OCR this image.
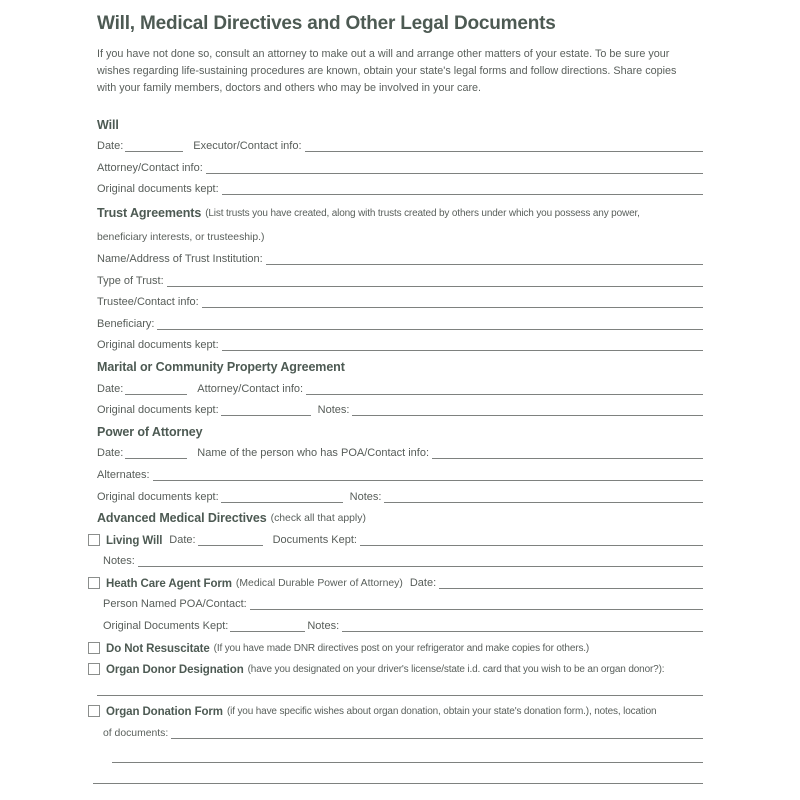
Will, Medical Directives and Other Legal Documents

If you have not done so, consult an attorney to make out a will and arrange other matters of your estate. To be sure your wishes regarding life-sustaining procedures are known, obtain your state's legal forms and follow directions. Share copies with your family members, doctors and others who may be involved in your care.

Will
Date:	Executor/Contact info:
Attorney/Contact info:
Original documents kept:
Trust Agreements (List trusts you have created, along with trusts created by others under which you possess any power,
beneficiary interests, or trusteeship.)
Name/Address of Trust Institution:
Type of Trust:
Trustee/Contact info:
Beneficiary:
Original documents kept:
Marital or Community Property Agreement
Date:	Attorney/Contact info:
Original documents kept:	Notes:
Power of Attorney
Date:	Name of the person who has POA/Contact info:
Alternates:
Original documents kept:	Notes:
Advanced Medical Directives (check all that apply)
Living Will Date:	Documents Kept:
Notes:
Heath Care Agent Form (Medical Durable Power of Attorney) Date:
Person Named POA/Contact:
Original Documents Kept:	Notes:
Do Not Resuscitate (If you have made DNR directives post on your refrigerator and make copies for others.)
Organ Donor Designation (have you designated on your driver's license/state i.d. card that you wish to be an organ donor?):
Organ Donation Form (if you have specific wishes about organ donation, obtain your state's donation form.), notes, location
of documents:
